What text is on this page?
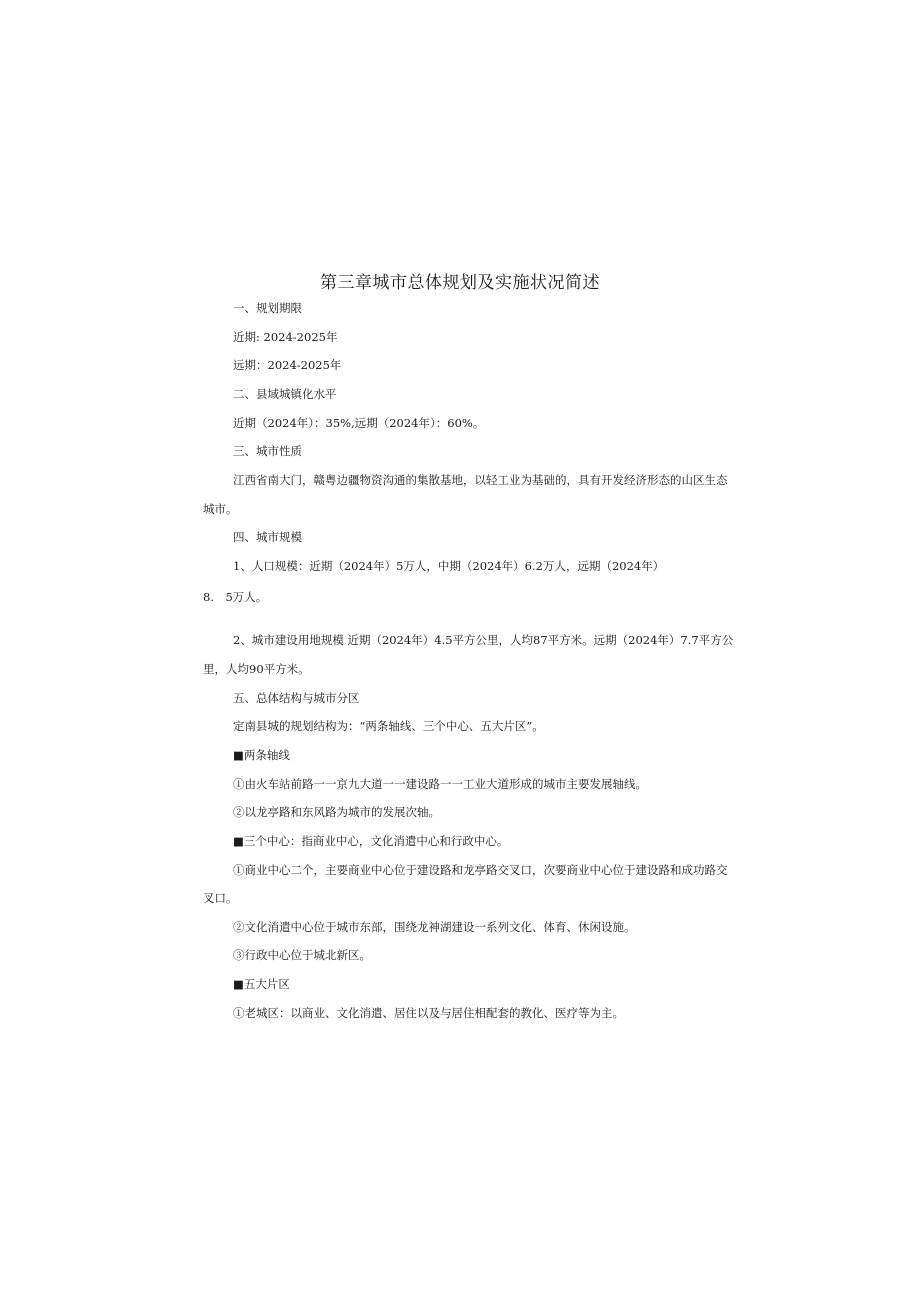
第三章城市总体规划及实施状况简述
一、规划期限
近期: 2024-2025年
远期：2024-2025年
二、县域城镇化水平
近期（2024年）：35%,远期（2024年）：60%。
三、城市性质
江西省南大门，赣粤边疆物资沟通的集散基地，以轻工业为基础的，具有开发经济形态的山区生态
城市。
四、城市规模
1、人口规模：近期（2024年）5万人，中期（2024年）6.2万人，远期（2024年）
8.　5万人。
2、城市建设用地规模 近期（2024年）4.5平方公里，人均87平方米。远期（2024年）7.7平方公
里，人均90平方米。
五、总体结构与城市分区
定南县城的规划结构为：“两条轴线、三个中心、五大片区”。
■两条轴线
①由火车站前路一一京九大道一一建设路一一工业大道形成的城市主要发展轴线。
②以龙亭路和东风路为城市的发展次轴。
■三个中心：指商业中心，文化消遣中心和行政中心。
①商业中心二个，主要商业中心位于建设路和龙亭路交叉口，次要商业中心位于建设路和成功路交
叉口。
②文化消遣中心位于城市东部，围绕龙神湖建设一系列文化、体育、休闲设施。
③行政中心位于城北新区。
■五大片区
①老城区：以商业、文化消遣、居住以及与居住相配套的教化、医疗等为主。
